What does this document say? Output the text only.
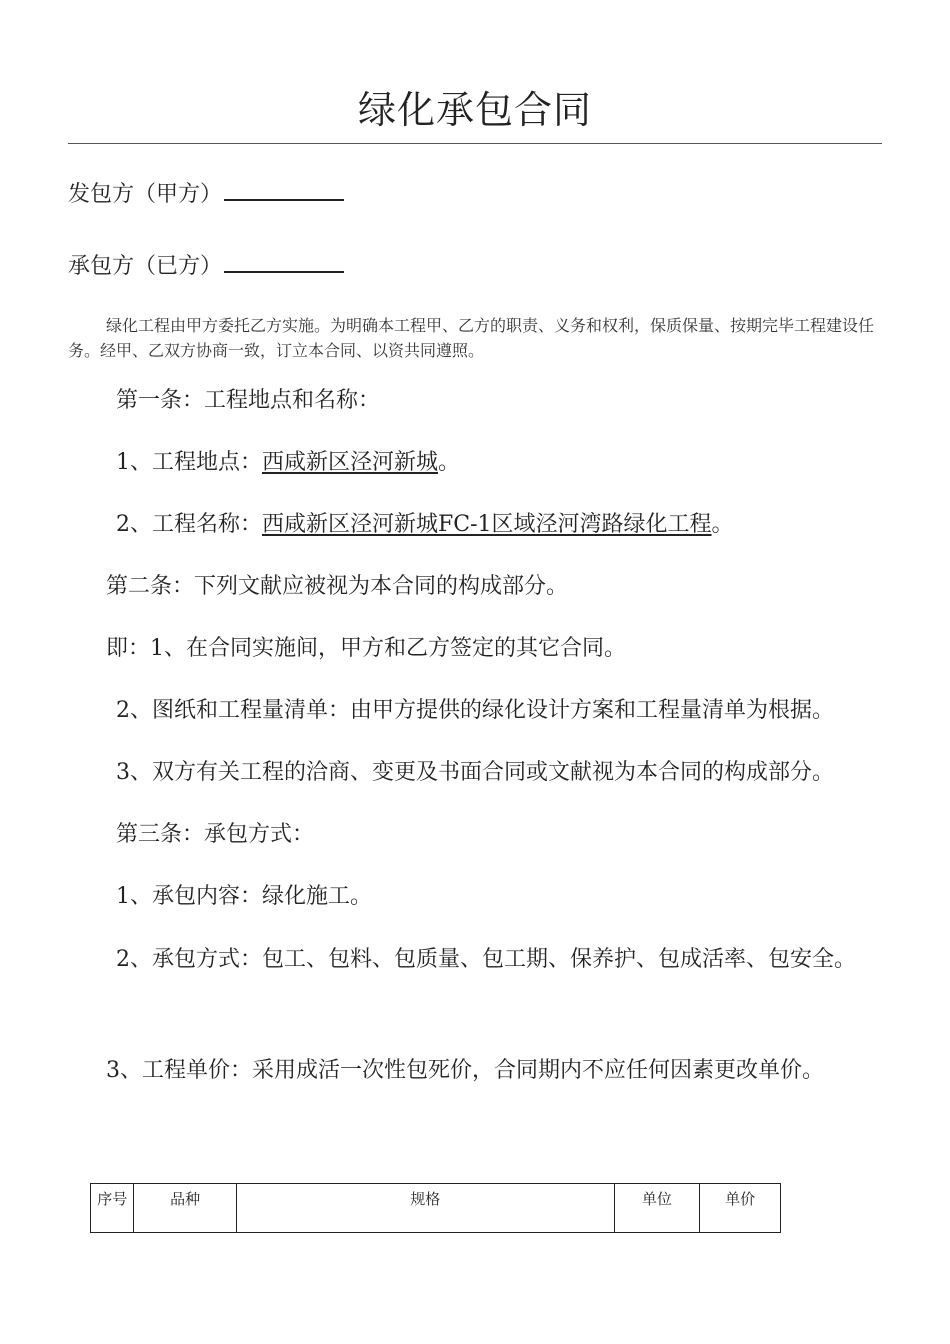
绿化承包合同
发包方（甲方）
承包方（已方）
绿化工程由甲方委托乙方实施。为明确本工程甲、乙方的职责、义务和权利，保质保量、按期完毕工程建设任务。经甲、乙双方协商一致，订立本合同、以资共同遵照。
第一条：工程地点和名称：
1、工程地点：西咸新区泾河新城。
2、工程名称：西咸新区泾河新城FC-1区域泾河湾路绿化工程。
第二条：下列文献应被视为本合同的构成部分。
即：1、在合同实施间，甲方和乙方签定的其它合同。
2、图纸和工程量清单：由甲方提供的绿化设计方案和工程量清单为根据。
3、双方有关工程的洽商、变更及书面合同或文献视为本合同的构成部分。
第三条：承包方式：
1、承包内容：绿化施工。
2、承包方式：包工、包料、包质量、包工期、保养护、包成活率、包安全。
3、工程单价：采用成活一次性包死价，合同期内不应任何因素更改单价。
序号	品种	规格	单位	单价
